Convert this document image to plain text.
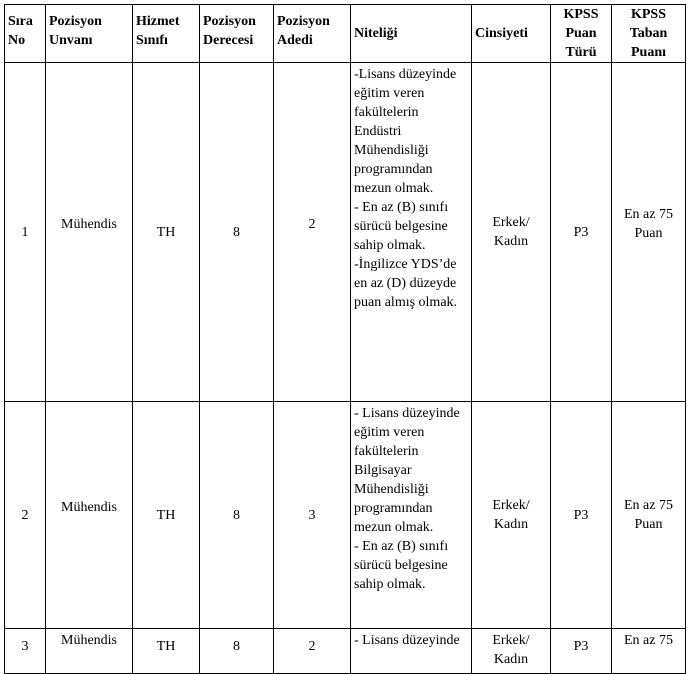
Sıra No	Pozisyon Unvanı	Hizmet Sınıfı	Pozisyon Derecesi	Pozisyon Adedi	Niteliği	Cinsiyeti	KPSS Puan Türü	KPSS Taban Puanı
1	Mühendis	TH	8	2	-Lisans düzeyinde eğitim veren fakültelerin Endüstri Mühendisliği programından mezun olmak.
- En az (B) sınıfı sürücü belgesine sahip olmak.
-İngilizce YDS’de en az (D) düzeyde puan almış olmak.	Erkek/ Kadın	P3	En az 75 Puan
2	Mühendis	TH	8	3	- Lisans düzeyinde eğitim veren fakültelerin Bilgisayar Mühendisliği programından mezun olmak.
- En az (B) sınıfı sürücü belgesine sahip olmak.	Erkek/ Kadın	P3	En az 75 Puan
3	Mühendis	TH	8	2	- Lisans düzeyinde	Erkek/ Kadın	P3	En az 75
